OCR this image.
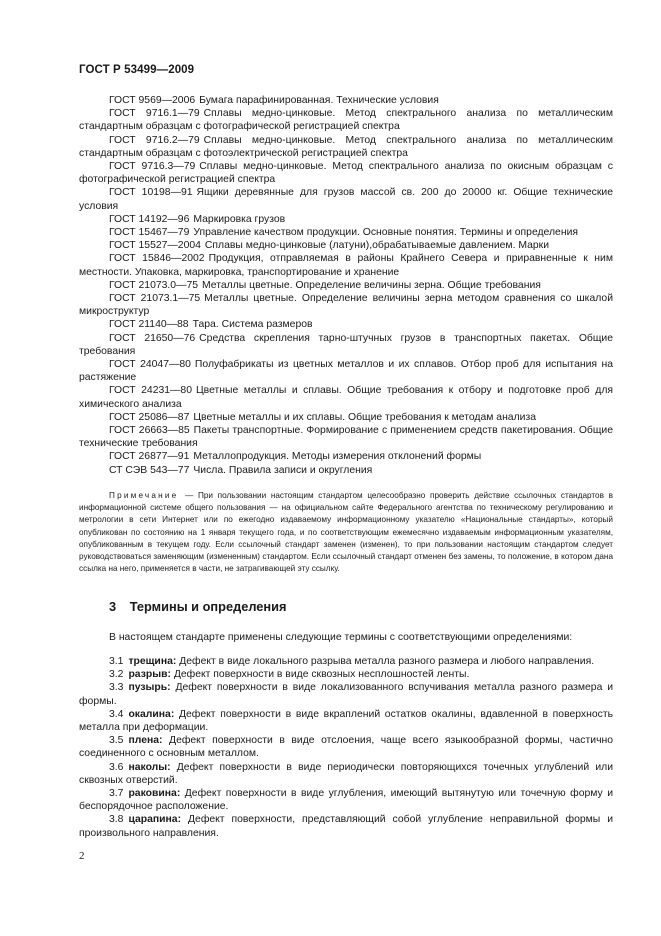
ГОСТ Р 53499—2009

ГОСТ 9569—2006 Бумага парафинированная. Технические условия

ГОСТ 9716.1—79 Сплавы медно-цинковые. Метод спектрального анализа по металлическим стандартным образцам с фотографической регистрацией спектра

ГОСТ 9716.2—79 Сплавы медно-цинковые. Метод спектрального анализа по металлическим стандартным образцам с фотоэлектрической регистрацией спектра

ГОСТ 9716.3—79 Сплавы медно-цинковые. Метод спектрального анализа по окисным образцам с фотографической регистрацией спектра

ГОСТ 10198—91 Ящики деревянные для грузов массой св. 200 до 20000 кг. Общие технические условия

ГОСТ 14192—96 Маркировка грузов

ГОСТ 15467—79 Управление качеством продукции. Основные понятия. Термины и определения

ГОСТ 15527—2004 Сплавы медно-цинковые (латуни),обрабатываемые давлением. Марки

ГОСТ 15846—2002 Продукция, отправляемая в районы Крайнего Севера и приравненные к ним местности. Упаковка, маркировка, транспортирование и хранение

ГОСТ 21073.0—75 Металлы цветные. Определение величины зерна. Общие требования

ГОСТ 21073.1—75 Металлы цветные. Определение величины зерна методом сравнения со шкалой микроструктур

ГОСТ 21140—88 Тара. Система размеров

ГОСТ 21650—76 Средства скрепления тарно-штучных грузов в транспортных пакетах. Общие требования

ГОСТ 24047—80 Полуфабрикаты из цветных металлов и их сплавов. Отбор проб для испытания на растяжение

ГОСТ 24231—80 Цветные металлы и сплавы. Общие требования к отбору и подготовке проб для химического анализа

ГОСТ 25086—87 Цветные металлы и их сплавы. Общие требования к методам анализа

ГОСТ 26663—85 Пакеты транспортные. Формирование с применением средств пакетирования. Общие технические требования

ГОСТ 26877—91 Металлопродукция. Методы измерения отклонений формы

СТ СЭВ 543—77 Числа. Правила записи и округления

Примечание — При пользовании настоящим стандартом целесообразно проверить действие ссылочных стандартов в информационной системе общего пользования — на официальном сайте Федерального агентства по техническому регулированию и метрологии в сети Интернет или по ежегодно издаваемому информационному указателю «Национальные стандарты», который опубликован по состоянию на 1 января текущего года, и по соответствующим ежемесячно издаваемым информационным указателям, опубликованным в текущем году. Если ссылочный стандарт заменен (изменен), то при пользовании настоящим стандартом следует руководствоваться заменяющим (измененным) стандартом. Если ссылочный стандарт отменен без замены, то положение, в котором дана ссылка на него, применяется в части, не затрагивающей эту ссылку.
3 Термины и определения

В настоящем стандарте применены следующие термины с соответствующими определениями:

3.1 трещина: Дефект в виде локального разрыва металла разного размера и любого направления.

3.2 разрыв: Дефект поверхности в виде сквозных несплошностей ленты.

3.3 пузырь: Дефект поверхности в виде локализованного вспучивания металла разного размера и формы.

3.4 окалина: Дефект поверхности в виде вкраплений остатков окалины, вдавленной в поверхность металла при деформации.

3.5 плена: Дефект поверхности в виде отслоения, чаще всего языкообразной формы, частично соединенного с основным металлом.

3.6 наколы: Дефект поверхности в виде периодически повторяющихся точечных углублений или сквозных отверстий.

3.7 раковина: Дефект поверхности в виде углубления, имеющий вытянутую или точечную форму и беспорядочное расположение.

3.8 царапина: Дефект поверхности, представляющий собой углубление неправильной формы и произвольного направления.

2
